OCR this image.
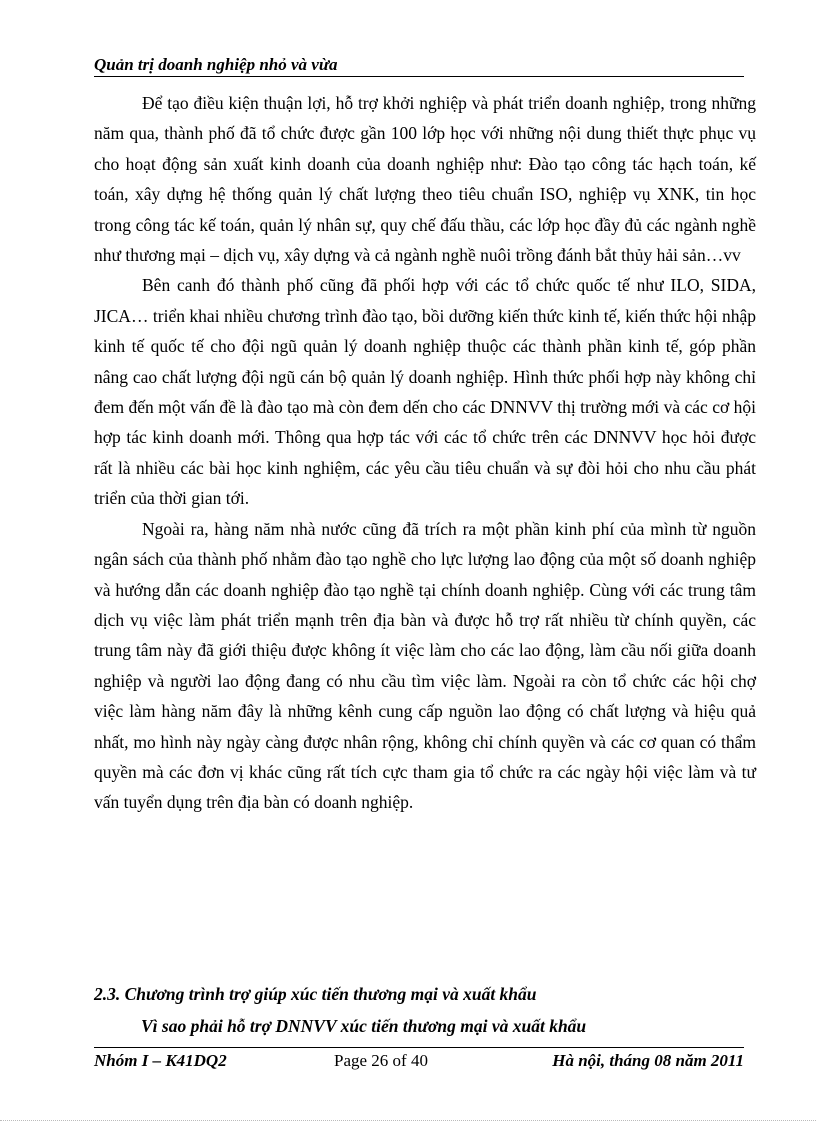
Quản trị doanh nghiệp nhỏ và vừa

Để tạo điều kiện thuận lợi, hỗ trợ khởi nghiệp và phát triển doanh nghiệp, trong những năm qua, thành phố đã tổ chức được gần 100 lớp học với những nội dung thiết thực phục vụ cho hoạt động sản xuất kinh doanh của doanh nghiệp như: Đào tạo công tác hạch toán, kế toán, xây dựng hệ thống quản lý chất lượng theo tiêu chuẩn ISO, nghiệp vụ XNK, tin học trong công tác kế toán, quản lý nhân sự, quy chế đấu thầu, các lớp học đầy đủ các ngành nghề như thương mại – dịch vụ, xây dựng và cả ngành nghề nuôi trồng đánh bắt thủy hải sản…vv

Bên canh đó thành phố cũng đã phối hợp với các tổ chức quốc tế như ILO, SIDA, JICA… triển khai nhiều chương trình đào tạo, bồi dưỡng kiến thức kinh tế, kiến thức hội nhập kinh tế quốc tế cho đội ngũ quản lý doanh nghiệp thuộc các thành phần kinh tế, góp phần nâng cao chất lượng đội ngũ cán bộ quản lý doanh nghiệp. Hình thức phối hợp này không chỉ đem đến một vấn đề là đào tạo mà còn đem dến cho các DNNVV thị trường mới và các cơ hội hợp tác kinh doanh mới. Thông qua hợp tác với các tổ chức trên các DNNVV học hỏi được rất là nhiều các bài học kinh nghiệm, các yêu cầu tiêu chuẩn và sự đòi hỏi cho nhu cầu phát triển của thời gian tới.

Ngoài ra, hàng năm nhà nước cũng đã trích ra một phần kinh phí của mình từ nguồn ngân sách của thành phố nhằm đào tạo nghề cho lực lượng lao động của một số doanh nghiệp và hướng dẫn các doanh nghiệp đào tạo nghề tại chính doanh nghiệp. Cùng với các trung tâm dịch vụ việc làm phát triển mạnh trên địa bàn và được hỗ trợ rất nhiều từ chính quyền, các trung tâm này đã giới thiệu được không ít việc làm cho các lao động, làm cầu nối giữa doanh nghiệp và người lao động đang có nhu cầu tìm việc làm. Ngoài ra còn tổ chức các hội chợ việc làm hàng năm đây là những kênh cung cấp nguồn lao động có chất lượng và hiệu quả nhất, mo hình này ngày càng được nhân rộng, không chỉ chính quyền và các cơ quan có thẩm quyền mà các đơn vị khác cũng rất tích cực tham gia tổ chức ra các ngày hội việc làm và tư vấn tuyển dụng trên địa bàn có doanh nghiệp.

2.3. Chương trình trợ giúp xúc tiến thương mại và xuất khẩu

Vì sao phải hỗ trợ DNNVV xúc tiến thương mại và xuất khẩu

Nhóm I – K41DQ2	Page 26 of 40	Hà nội, tháng 08 năm 2011
